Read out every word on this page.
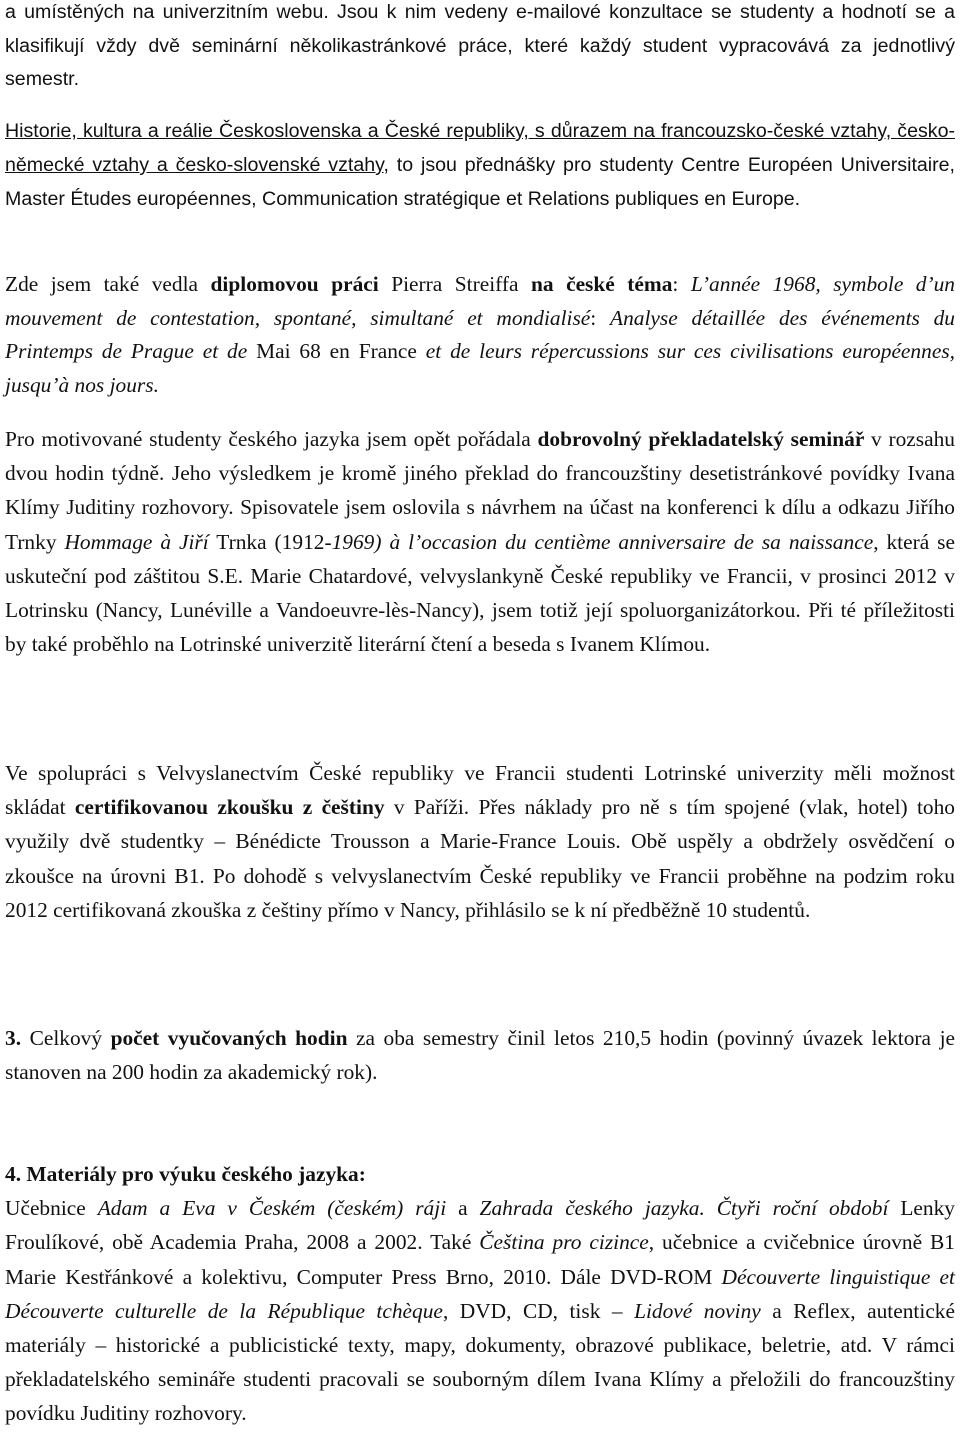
a umístěných na univerzitním webu. Jsou k nim vedeny e-mailové konzultace se studenty a hodnotí se a klasifikují vždy dvě seminární několikastránkové práce, které každý student vypracovává za jednotlivý semestr.

Historie, kultura a reálie Československa a České republiky, s důrazem na francouzsko-české vztahy, česko-německé vztahy a česko-slovenské vztahy, to jsou přednášky pro studenty Centre Européen Universitaire, Master Études européennes, Communication stratégique et Relations publiques en Europe.

Zde jsem také vedla diplomovou práci Pierra Streiffa na české téma: L’année 1968, symbole d’un mouvement de contestation, spontané, simultané et mondialisé: Analyse détaillée des événements du Printemps de Prague et de Mai 68 en France et de leurs répercussions sur ces civilisations européennes, jusqu’à nos jours.

Pro motivované studenty českého jazyka jsem opět pořádala dobrovolný překladatelský seminář v rozsahu dvou hodin týdně. Jeho výsledkem je kromě jiného překlad do francouzštiny desetistránkové povídky Ivana Klímy Juditiny rozhovory. Spisovatele jsem oslovila s návrhem na účast na konferenci k dílu a odkazu Jiřího Trnky Hommage à Jiří Trnka (1912-1969) à l’occasion du centième anniversaire de sa naissance, která se uskuteční pod záštitou S.E. Marie Chatardové, velvyslankyně České republiky ve Francii, v prosinci 2012 v Lotrinsku (Nancy, Lunéville a Vandoeuvre-lès-Nancy), jsem totiž její spoluorganizátorkou. Při té příležitosti by také proběhlo na Lotrinské univerzitě literární čtení a beseda s Ivanem Klímou.

Ve spolupráci s Velvyslanectvím České republiky ve Francii studenti Lotrinské univerzity měli možnost skládat certifikovanou zkoušku z češtiny v Paříži. Přes náklady pro ně s tím spojené (vlak, hotel) toho využily dvě studentky – Bénédicte Trousson a Marie-France Louis. Obě uspěly a obdržely osvědčení o zkoušce na úrovni B1. Po dohodě s velvyslanectvím České republiky ve Francii proběhne na podzim roku 2012 certifikovaná zkouška z češtiny přímo v Nancy, přihlásilo se k ní předběžně 10 studentů.

3. Celkový počet vyučovaných hodin za oba semestry činil letos 210,5 hodin (povinný úvazek lektora je stanoven na 200 hodin za akademický rok).

4. Materiály pro výuku českého jazyka:
Učebnice Adam a Eva v Českém (českém) ráji a Zahrada českého jazyka. Čtyři roční období Lenky Froulíkové, obě Academia Praha, 2008 a 2002. Také Čeština pro cizince, učebnice a cvičebnice úrovně B1 Marie Kestřánkové a kolektivu, Computer Press Brno, 2010. Dále DVD-ROM Découverte linguistique et Découverte culturelle de la République tchèque, DVD, CD, tisk – Lidové noviny a Reflex, autentické materiály – historické a publicistické texty, mapy, dokumenty, obrazové publikace, beletrie, atd. V rámci překladatelského semináře studenti pracovali se souborným dílem Ivana Klímy a přeložili do francouzštiny povídku Juditiny rozhovory.
